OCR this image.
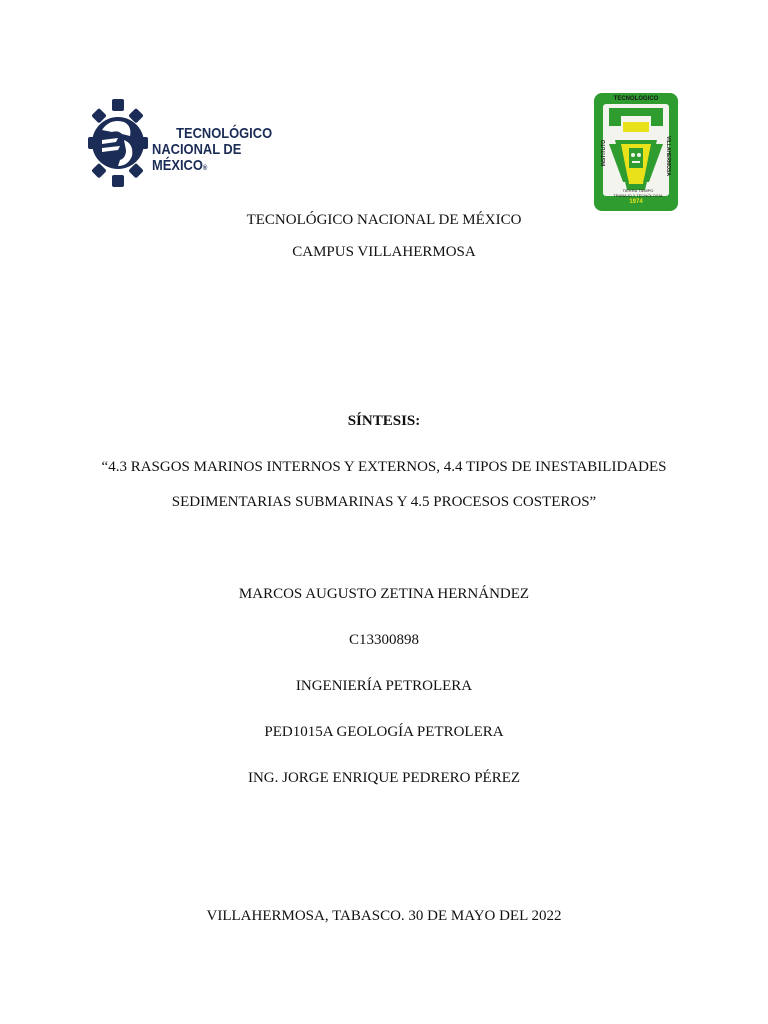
TECNOLÓGICO
NACIONAL DE MÉXICO®
TECNOLOGICO
INSTITUTO	VILLAHERMOSA
TIERRA TIEMPO TRABAJO Y TECNOLOGIA
1974
TECNOLÓGICO NACIONAL DE MÉXICO
CAMPUS VILLAHERMOSA
SÍNTESIS:
“4.3 RASGOS MARINOS INTERNOS Y EXTERNOS, 4.4 TIPOS DE INESTABILIDADES
SEDIMENTARIAS SUBMARINAS Y 4.5 PROCESOS COSTEROS”
MARCOS AUGUSTO ZETINA HERNÁNDEZ
C13300898
INGENIERÍA PETROLERA
PED1015A GEOLOGÍA PETROLERA
ING. JORGE ENRIQUE PEDRERO PÉREZ
VILLAHERMOSA, TABASCO. 30 DE MAYO DEL 2022
